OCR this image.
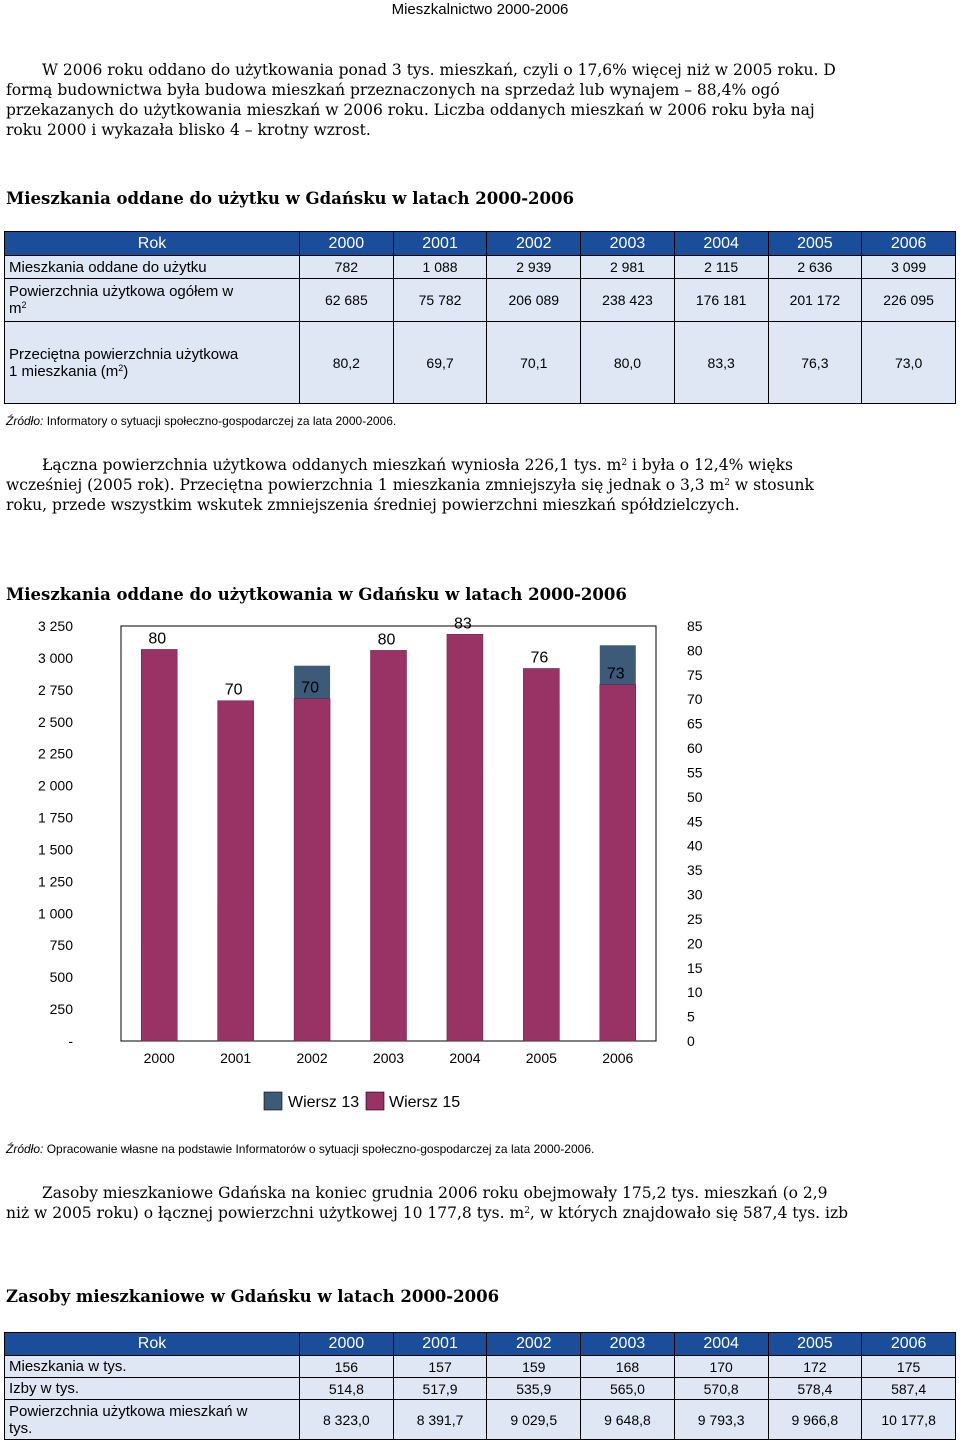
Mieszkalnictwo 2000-2006
W 2006 roku oddano do użytkowania ponad 3 tys. mieszkań, czyli o 17,6% więcej niż w 2005 roku. D
formą budownictwa była budowa mieszkań przeznaczonych na sprzedaż lub wynajem – 88,4% ogó
przekazanych do użytkowania mieszkań w 2006 roku. Liczba oddanych mieszkań w 2006 roku była naj
roku 2000 i wykazała blisko 4 – krotny wzrost.
Mieszkania oddane do użytku w Gdańsku w latach 2000-2006
Rok	2000	2001	2002	2003	2004	2005	2006
Mieszkania oddane do użytku	782	1 088	2 939	2 981	2 115	2 636	3 099
Powierzchnia użytkowa ogółem w
$m^2$	62 685	75 782	206 089	238 423	176 181	201 172	226 095
Przeciętna powierzchnia użytkowa
1 mieszkania $(m^2)$	80,2	69,7	70,1	80,0	83,3	76,3	73,0
Źródło: Informatory o sytuacji społeczno-gospodarczej za lata 2000-2006.
Łączna powierzchnia użytkowa oddanych mieszkań wyniosła 226,1 tys. $m^2$ i była o 12,4% więks
wcześniej (2005 rok). Przeciętna powierzchnia 1 mieszkania zmniejszyła się jednak o 3,3 $m^2$ w stosunk
roku, przede wszystkim wskutek zmniejszenia średniej powierzchni mieszkań spółdzielczych.
Mieszkania oddane do użytkowania w Gdańsku w latach 2000-2006
3 250
3 000
2 750
2 500
2 250
2 000
1 750
1 500
1 250
1 000
750
500
250
-
85
80
75
70
65
60
55
50
45
40
35
30
25
20
15
10
5
0
80
70	70
80
83
76
73
2000	2001	2002	2003	2004	2005	2006
Wiersz 13 Wiersz 15
Źródło: Opracowanie własne na podstawie Informatorów o sytuacji społeczno-gospodarczej za lata 2000-2006.
Zasoby mieszkaniowe Gdańska na koniec grudnia 2006 roku obejmowały 175,2 tys. mieszkań (o 2,9
niż w 2005 roku) o łącznej powierzchni użytkowej 10 177,8 tys. $m^2$, w których znajdowało się 587,4 tys. izb
Zasoby mieszkaniowe w Gdańsku w latach 2000-2006
Rok	2000	2001	2002	2003	2004	2005	2006
Mieszkania w tys.	156	157	159	168	170	172	175
Izby w tys.	514,8	517,9	535,9	565,0	570,8	578,4	587,4
Powierzchnia użytkowa mieszkań w
tys.	8 323,0	8 391,7	9 029,5	9 648,8	9 793,3	9 966,8	10 177,8
